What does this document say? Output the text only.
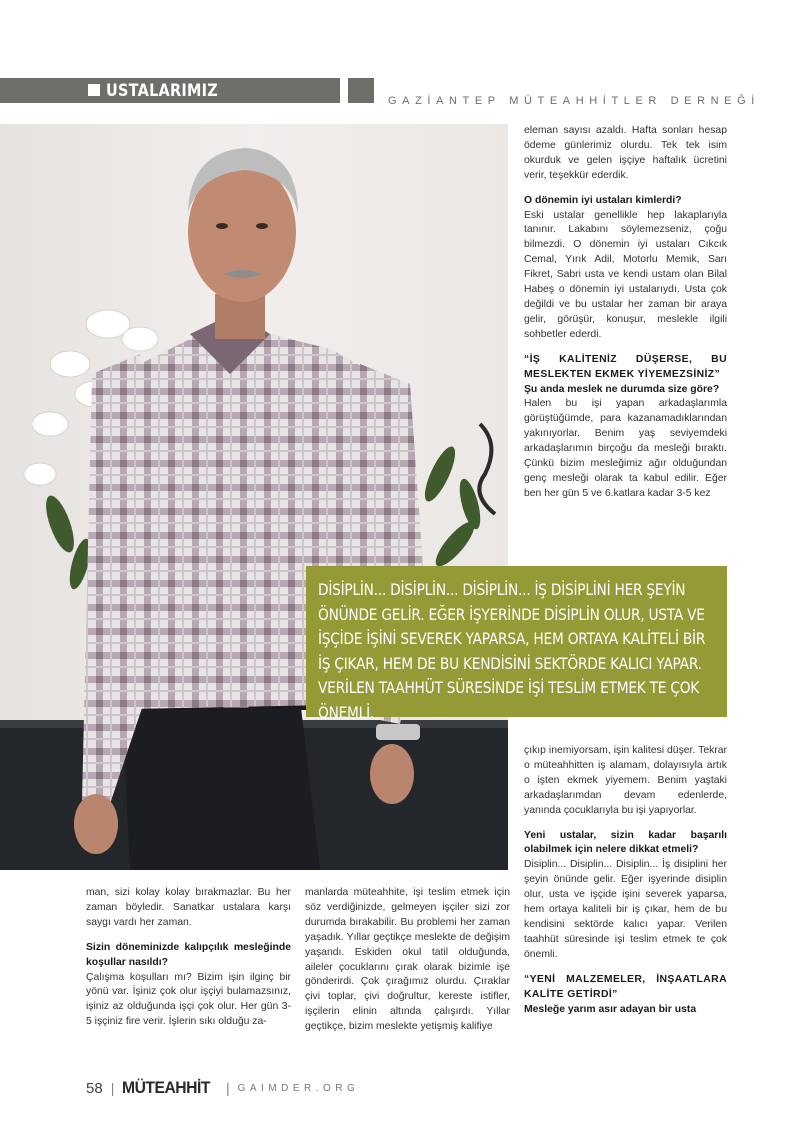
USTALARIMIZ	GAZİANTEP MÜTEAHHİTLER DERNEĞİ

eleman sayısı azaldı. Hafta sonları hesap ödeme günlerimiz olurdu. Tek tek isim okurduk ve gelen işçiye haftalık ücretini verir, teşekkür ederdik.

O dönemin iyi ustaları kimlerdi?

Eski ustalar genellikle hep lakaplarıyla tanınır. Lakabını söylemezseniz, çoğu bilmezdi. O dönemin iyi ustaları Cıkcık Cemal, Yırık Adil, Motorlu Memik, Sarı Fikret, Sabri usta ve kendi ustam olan Bilal Habeş o dönemin iyi ustalarıydı. Usta çok değildi ve bu ustalar her zaman bir araya gelir, görüşür, konuşur, meslekle ilgili sohbetler ederdi.

“İŞ KALİTENİZ DÜŞERSE, BU MESLEKTEN EKMEK YİYEMEZSİNİZ”

Şu anda meslek ne durumda size göre?

Halen bu işi yapan arkadaşlarımla görüştüğümde, para kazanamadıklarından yakınıyorlar. Benim yaş seviyemdeki arkadaşlarımın birçoğu da mesleği bıraktı. Çünkü bizim mesleğimiz ağır olduğundan genç mesleği olarak ta kabul edilir. Eğer ben her gün 5 ve 6.katlara kadar 3-5 kez

DİSİPLİN... DİSİPLİN... DİSİPLİN... İŞ DİSİPLİNİ HER ŞEYİN ÖNÜNDE GELİR. EĞER İŞYERİNDE DİSİPLİN OLUR, USTA VE İŞÇİDE İŞİNİ SEVEREK YAPARSA, HEM ORTAYA KALİTELİ BİR İŞ ÇIKAR, HEM DE BU KENDİSİNİ SEKTÖRDE KALICI YAPAR. VERİLEN TAAHHÜT SÜRESİNDE İŞİ TESLİM ETMEK TE ÇOK ÖNEMLİ.

çıkıp inemiyorsam, işin kalitesi düşer. Tekrar o müteahhitten iş alamam, dolayısıyla artık o işten ekmek yiyemem. Benim yaştaki arkadaşlarımdan devam edenlerde, yanında çocuklarıyla bu işi yapıyorlar.

Yeni ustalar, sizin kadar başarılı olabilmek için nelere dikkat etmeli?

Disiplin... Disiplin... Disiplin... İş disiplini her şeyin önünde gelir. Eğer işyerinde disiplin olur, usta ve işçide işini severek yaparsa, hem ortaya kaliteli bir iş çıkar, hem de bu kendisini sektörde kalıcı yapar. Verilen taahhüt süresinde işi teslim etmek te çok önemli.

“YENİ MALZEMELER, İNŞAATLARA KALİTE GETİRDİ”

Mesleğe yarım asır adayan bir usta

man, sizi kolay kolay bırakmazlar. Bu her zaman böyledir. Sanatkar ustalara karşı saygı vardı her zaman.

Sizin döneminizde kalıpçılık mesleğinde koşullar nasıldı?

Çalışma koşulları mı? Bizim işin ilginç bir yönü var. İşiniz çok olur işçiyi bulamazsınız, işiniz az olduğunda işçi çok olur. Her gün 3-5 işçiniz fire verir. İşlerin sıkı olduğu za-

manlarda müteahhite, işi teslim etmek için söz verdiğinizde, gelmeyen işçiler sizi zor durumda bırakabilir. Bu problemi her zaman yaşadık. Yıllar geçtikçe meslekte de değişim yaşandı. Eskiden okul tatil olduğunda, aileler çocuklarını çırak olarak bizimle işe gönderirdi. Çok çırağımız olurdu. Çıraklar çivi toplar, çivi doğrultur, kereste istifler, işçilerin elinin altında çalışırdı. Yıllar geçtikçe, bizim meslekte yetişmiş kalifiye

58 | MÜTEAHHİT | GAIMDER.ORG
